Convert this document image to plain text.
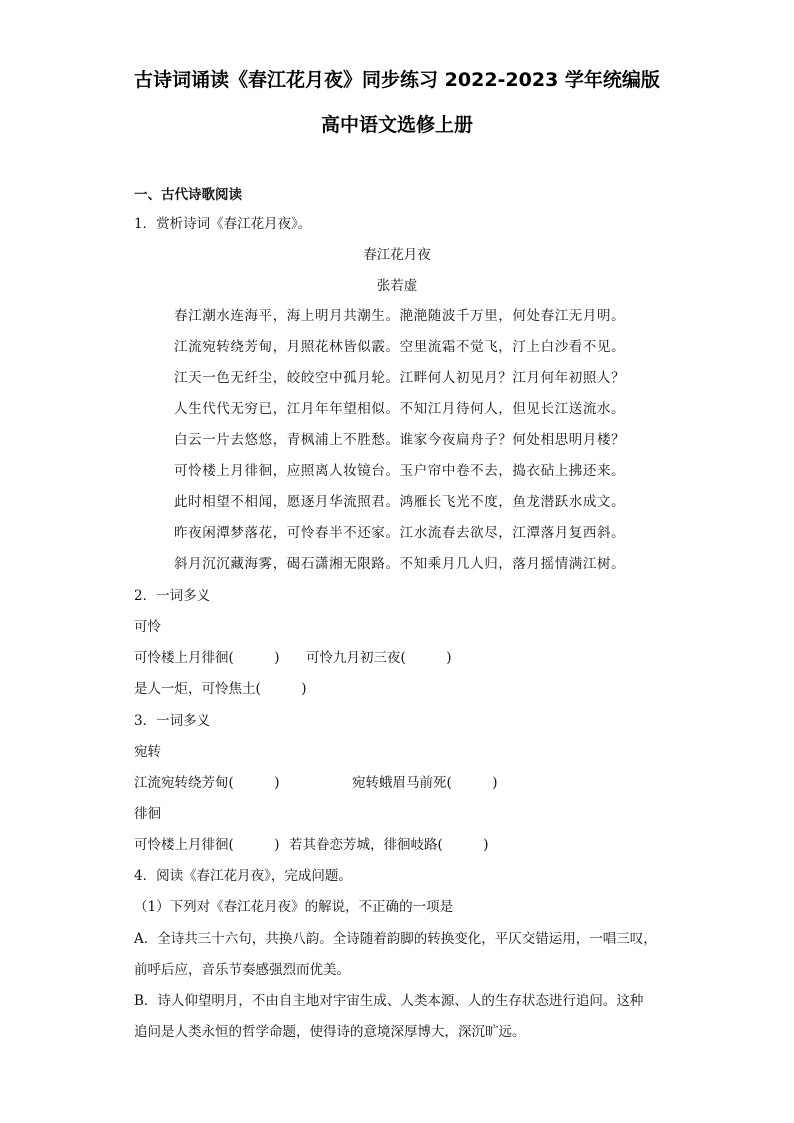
古诗词诵读《春江花月夜》同步练习 2022-2023 学年统编版
高中语文选修上册
一、古代诗歌阅读
1．赏析诗词《春江花月夜》。
春江花月夜
张若虚
春江潮水连海平，海上明月共潮生。滟滟随波千万里，何处春江无月明。
江流宛转绕芳甸，月照花林皆似霰。空里流霜不觉飞，汀上白沙看不见。
江天一色无纤尘，皎皎空中孤月轮。江畔何人初见月？江月何年初照人？
人生代代无穷已，江月年年望相似。不知江月待何人，但见长江送流水。
白云一片去悠悠，青枫浦上不胜愁。谁家今夜扁舟子？何处相思明月楼？
可怜楼上月徘徊，应照离人妆镜台。玉户帘中卷不去，捣衣砧上拂还来。
此时相望不相闻，愿逐月华流照君。鸿雁长飞光不度，鱼龙潜跃水成文。
昨夜闲潭梦落花，可怜春半不还家。江水流春去欲尽，江潭落月复西斜。
斜月沉沉藏海雾，碣石潇湘无限路。不知乘月几人归，落月摇情满江树。
2．一词多义
可怜
可怜楼上月徘徊(　　　) 可怜九月初三夜(　　　)
是人一炬，可怜焦土(　　　)
3．一词多义
宛转
江流宛转绕芳甸(　　　)	宛转蛾眉马前死(　　　)
徘徊
可怜楼上月徘徊(　　　) 若其眷恋芳城，徘徊岐路(　　　)
4．阅读《春江花月夜》，完成问题。
（1）下列对《春江花月夜》的解说，不正确的一项是
A．全诗共三十六句，共换八韵。全诗随着韵脚的转换变化，平仄交错运用，一唱三叹，
前呼后应，音乐节奏感强烈而优美。
B．诗人仰望明月，不由自主地对宇宙生成、人类本源、人的生存状态进行追问。这种
追问是人类永恒的哲学命题，使得诗的意境深厚博大，深沉旷远。
